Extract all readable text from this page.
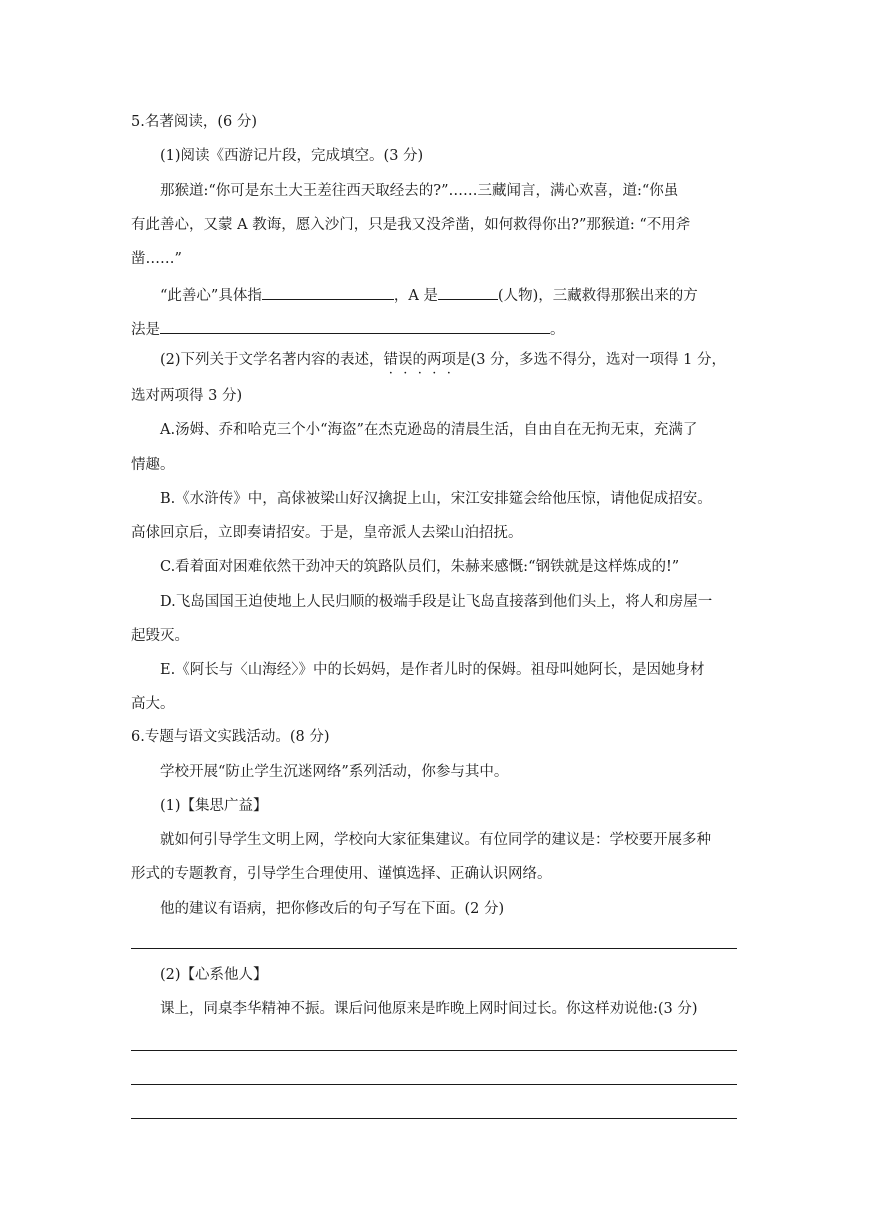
5.名著阅读，(6 分)
(1)阅读《西游记片段，完成填空。(3 分)
那猴道:“你可是东土大王差往西天取经去的?”……三藏闻言，满心欢喜，道:“你虽
有此善心，又蒙 A 教诲，愿入沙门，只是我又没斧凿，如何救得你出?”那猴道: “不用斧
凿……”
“此善心”具体指	，A 是	(人物)，三藏救得那猴出来的方
法是	。
(2)下列关于文学名著内容的表述，错误的两项是(3 分，多选不得分，选对一项得 1 分，
选对两项得 3 分)
A.汤姆、乔和哈克三个小“海盗”在杰克逊岛的清晨生活，自由自在无拘无束，充满了
情趣。
B.《水浒传》中，高俅被梁山好汉擒捉上山，宋江安排筵会给他压惊，请他促成招安。
高俅回京后，立即奏请招安。于是，皇帝派人去梁山泊招抚。
C.看着面对困难依然干劲冲天的筑路队员们，朱赫来感慨:“钢铁就是这样炼成的!”
D.飞岛国国王迫使地上人民归顺的极端手段是让飞岛直接落到他们头上，将人和房屋一
起毁灭。
E.《阿长与〈山海经〉》中的长妈妈，是作者儿时的保姆。祖母叫她阿长，是因她身材
高大。
6.专题与语文实践活动。(8 分)
学校开展“防止学生沉迷网络”系列活动，你参与其中。
(1)【集思广益】
就如何引导学生文明上网，学校向大家征集建议。有位同学的建议是：学校要开展多种
形式的专题教育，引导学生合理使用、谨慎选择、正确认识网络。
他的建议有语病，把你修改后的句子写在下面。(2 分)
(2)【心系他人】
课上，同桌李华精神不振。课后问他原来是昨晚上网时间过长。你这样劝说他:(3 分)
